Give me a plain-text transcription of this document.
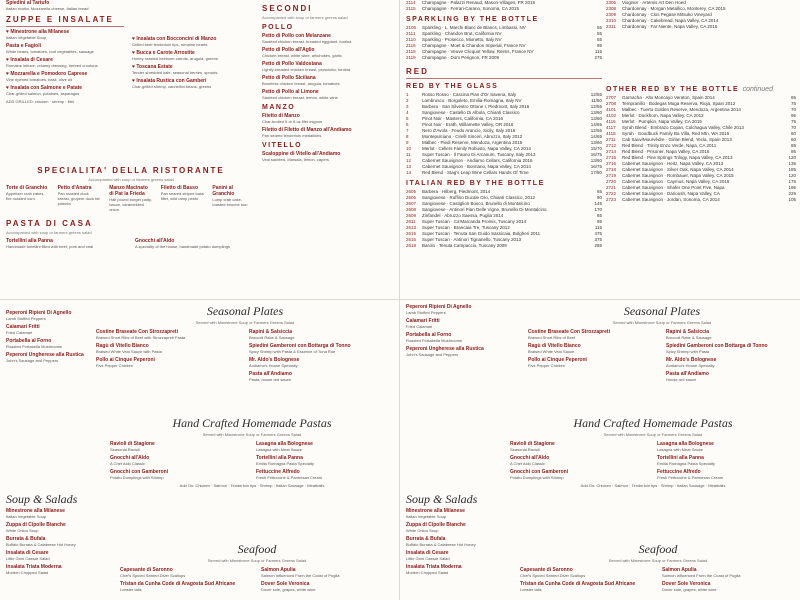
Spiedini al Tartufo
Italian ricotta, Mozzarella cheese, Italian bread
ZUPPE E INSALATE
♥ Minestrone alla Milanese
Italian Vegetable Soup
Pasta e Fagioli
White beans, tomatoes, root vegetables, sausage
♥ Insalata di Cesare
Romaine lettuce, creamy dressing, herbed croutons
♥ Mozzarella e Pomodoro Caprese
Vine ripened tomatoes, basil, olive oil
♥ Insalata con Salmone e Patate
Char-grilled salmon, potatoes, asparagus
ADD GRILLED: chicken · shrimp · filet
♥ Insalata con Bocconcini di Manzo
Grilled beef tenderloin tips, romaine hearts
♥ Bucca e Carote Arrostite
Honey roasted heirloom carrots, arugula, greens
♥ Toscana Estate
Tender shredded kale, seasonal berries, sprouts
♥ Insalata Rustica con Gamberi
Char-grilled shrimp, cannellini beans, greens
SECONDI
Accompanied with soup or farmers greens salad
POLLO
Petto di Pollo con Melanzane
Sautéed chicken breast, breaded eggplant, fontina
Petto di Pollo all'Aglio
Chicken breast, white wine, artichokes, garlic
Petto di Pollo Valdostana
Lightly breaded chicken breast, prosciutto, fontina
Petto di Pollo Siciliana
Boneless chicken breast, arugula, tomatoes
Petto di Pollo al Limone
Sautéed chicken breast, lemon, white wine
MANZO
Filetto di Manzo
Char-broiled 5 or 8 oz filet mignon
Filetto di Filetto di Manzo all'Andiamo
Pan seared tenderloin medallions
VITELLO
Scaloppine di Vitello all'Andiamo
Veal sautéed, Marsala, lemon, capers
SPECIALITA' DELLA RISTORANTE
Accompanied with soup or farmers greens salad
Torte di Granchio
Appetizer crab cakes, fire roasted corn
Petto d'Anatra
Pan roasted duck breast, gruyere duck fat polenta
Manzo Macinato di Pat la Frieda
Half pound burger patty, bacon, caramelized onion
Filetto di Basso
Pan seared striped bass fillet, wild ramp pesto
Panini al Granchio
Lump crab cake, toasted brioche bun
PASTA DI CASA
Accompanied with soup or farmers greens salad
Tortellini alla Panna
Handmade tortellini filled with beef, pork and veal
Gnocchi all'Aldo
A specialty of the house, handmade potato dumplings
2114 Champagne · Palazzi Renaud, Mason-Villages, FR 2015
2115 Champagne · Ferrari-Carano, Sonoma, CA 2015
SPARKLING BY THE BOTTLE
2106 Sparkling · L. Marchi Blanc de Blancs, Limbassi, NV	55
2111 Sparkling · Chandon Brut, California NV	55
2110 Sparkling · Prosecco, Mionetto, Italy NV	55
2116 Champagne · Moet & Chandon Imperial, France NV	95
2118 Champagne · Veuve Clicquot Yellow, Reims, France NV	115
2119 Champagne · Dom Perignon, FR 2009	275
RED
RED BY THE GLASS
1	Rosso Rosso · Cascina Pian d'Or Savena, Italy	12/55
2	Lambrusco · Borgoleto, Emilia-Romagna, Italy NV	11/50
3	Barbera · San Silvestro Ottone I, Piedmont, Italy 2016	12/55
4	Sangiovese · Castello Di Albola, Chianti Classico	13/60
5	Pinot Noir · Masters, California, CA 2016	13/60
6	Pinot Noir · Erath, Willamette Valley, OR 2016	14/65
7	Nero d'Avola · Feudo Arancio, Sicily, Italy 2016	12/55
8	Montepulciano · Cirelli Sinceri, Abruzzo, Italy 2012	14/65
9	Malbec · Piedi Reserve, Mendoza, Argentina 2015	13/60
10 Merlot · Cellers Family Robusto, Napa Valley, CA 2014	15/70
11	Super Tuscan · Il Fauno Di Arcanum, Tuscany, Italy 2013	16/75
12 Cabernet Sauvignon · Andiamo Cellars, California 2016	13/60
13 Cabernet Sauvignon · Bonnano, Napa Valley, CA 2014	16/75
14 Red Blend · Stag's Leap Wine Cellars Hands Of Time	17/80
ITALIAN RED BY THE BOTTLE
2605 Barbera · Hilberg, Piedmont, 2014	65
2606 Sangiovese · Ruffino Ducale Oro, Chianti Classico, 2012	90
2607 Sangiovese · Castiglion Bosco, Brunello di Montalcino	145
2608 Sangiovese · Antinori Pian Delle Vigne, Brunello Di Montalcino	170
2609 Zinfandel · Abruzzo Saessa, Puglia 2014	65
2611 Super Tuscan · Ca'Marcanda Promis, Tuscany 2014	95
2613 Super Tuscan · Brancaia Tre, Tuscany 2012	115
2615 Super Tuscan · Tenuta San Guido Sassicaia, Bolgheri 2011	475
2615 Super Tuscan · Antinori Tignanello, Tuscany 2013	375
2618 Barolo · Tenuta Campaccio, Tuscany 2009	285
2306 Viognier · Artemis Art Den Hoed
2308 Chardonnay · Morgan Metallico, Monterey, CA 2015
2309 Chardonnay · Clos Pegase Mitsuko Vineyard
2310 Chardonnay · Cakebread, Napa Valley, CA 2014
2311 Chardonnay · Far Niente, Napa Valley, CA 2015
OTHER RED BY THE BOTTLE continued
2707 Garnacha · Alto Moncayo Veraton, Spain 2014	65
2708 Tempranillo · Bodegas Muga Reserva, Rioja, Spain 2012	75
4101 Malbec · Tuerto Golden Reserve, Mendoza, Argentina 2014	70
4102 Merlot · Duckhorn, Napa Valley, CA 2012	95
4116 Merlot · Pumpkin, Napa Valley, CA 2015	75
4117 Syrah Blend · Embrazo Copan, Colchagua Valley, Chile 2013	70
4118 Syrah · Goodbuck Family Ba Villa, Red Mtn, WA 2015	80
2711 Cab Sauv/Mourvèdre · Girlan Blend, Yecla, Spain 2013	60
2712 Red Blend · Trinity Enzo Verde, Napa, CA 2011	85
2714 Red Blend · Prisoner, Napa Valley, CA 2016	95
2715 Red Blend · Pine Springs Trilogy, Napa Valley, CA 2013	120
2716 Cabernet Sauvignon · Heitz, Napa Valley, CA 2013	135
2718 Cabernet Sauvignon · Silver Oak, Napa Valley, CA 2014	185
2719 Cabernet Sauvignon · Rombauer, Napa Valley, CA 2015	120
2720 Cabernet Sauvignon · Caymus, Napa Valley, CA 2016	175
2721 Cabernet Sauvignon · Shafer One Point Five, Napa	195
2722 Cabernet Sauvignon · Darioush, Napa Valley, CA	225
2723 Cabernet Sauvignon · Jordan, Sonoma, CA 2014	105
Seasonal Plates
Served with Minestrone Soup or Farmers Greens Salad
Costine Braseate Con Strozzapreti
Braised Short Ribs of Beef with Strozzapreti Pasta
Ragù di Vitello Bianco
Braised White Veal Sauce with Pasta
Pollo ai Cinque Peperoni
Five Pepper Chicken
Rapini & Salsiccia
Broccoli Rabe & Sausage
Spiedini Gamberoni con Bottarga di Tonno
Spicy Shrimp with Pasta & Essence of Tuna Roe
Mr. Aldo's Bolognese
Andiamo's House Specialty
Pasta all'Andiamo
Pasta, house red sauce
Peperoni Ripieni Di Agnello
Lamb Stuffed Peppers
Calamari Fritti
Fried Calamari
Portabella al Forno
Roasted Portabella Mushrooms
Peperoni Ungherese alla Rustica
John's Sausage and Peppers
Hand Crafted Homemade Pastas
Served with Minestrone Soup or Farmers Greens Salad
Ravioli di Stagione
Seasonal Ravioli
Gnocchi all'Aldo
A Chef Aldo Classic
Gnocchi con Gamberoni
Potato Dumplings with Shrimp
Lasagna alla Bolognese
Lasagna with Meat Sauce
Tortellini alla Panna
Emilia Romagna Pasta Specialty
Fettuccine Alfredo
Fresh Fettuccine & Parmesan Cream
Add On: Chicken · Salmon · Tenderloin tips · Shrimp · Italian Sausage · Meatballs
Soup & Salads
Minestrone alla Milanese
Italian Vegetable Soup
Zuppa di Cipolle Bianche
White Onion Soup
Burrata & Bufala
Buffalo Burrata & Calabrese Hot Honey
Insalata di Cesare
Little Gem Caesar Salad
Insalata Triata Moderna
Modern Chopped Salad
Seafood
Served with Minestrone Soup or Farmers Greens Salad
Capesante di Saronno
Chef's Spiced Seared Diver Scallops
Tristan da Cunha Code di Aragosta Sud Africane
Lobster tails
Salmon Apulia
Salmon Influenced From the Coast of Puglia
Dover Sole Veronica
Dover sole, grapes, white wine
Peperoni Ripieni Di Agnello
Lamb Stuffed Peppers
Calamari Fritti
Fried Calamari
Portabella al Forno
Roasted Portabella Mushrooms
Peperoni Ungherese alla Rustica
John's Sausage and Peppers
Seasonal Plates
Served with Minestrone Soup or Farmers Greens Salad
Costine Braseate Con Strozzapreti
Braised Short Ribs of Beef
Ragù di Vitello Bianco
Braised White Veal Sauce
Pollo ai Cinque Peperoni
Five Pepper Chicken
Rapini & Salsiccia
Broccoli Rabe & Sausage
Spiedini Gamberoni con Bottarga di Tonno
Spicy Shrimp with Pasta
Mr. Aldo's Bolognese
Andiamo's House Specialty
Pasta all'Andiamo
House red sauce
Hand Crafted Homemade Pastas
Served with Minestrone Soup or Farmers Greens Salad
Ravioli di Stagione
Seasonal Ravioli
Gnocchi all'Aldo
A Chef Aldo Classic
Gnocchi con Gamberoni
Potato Dumplings with Shrimp
Lasagna alla Bolognese
Lasagna with Meat Sauce
Tortellini alla Panna
Emilia Romagna Pasta Specialty
Fettuccine Alfredo
Fresh Fettuccine & Parmesan Cream
Add On: Chicken · Salmon · Tenderloin tips · Shrimp · Italian Sausage · Meatballs
Soup & Salads
Minestrone alla Milanese
Italian Vegetable Soup
Zuppa di Cipolle Bianche
White Onion Soup
Burrata & Bufala
Buffalo Burrata & Calabrese Hot Honey
Insalata di Cesare
Little Gem Caesar Salad
Insalata Triata Moderna
Modern Chopped Salad
Seafood
Served with Minestrone Soup or Farmers Greens Salad
Capesante di Saronno
Chef's Spiced Seared Diver Scallops
Tristan da Cunha Code di Aragosta Sud Africane
Lobster tails
Salmon Apulia
Salmon Influenced From the Coast of Puglia
Dover Sole Veronica
Dover sole, grapes, white wine
